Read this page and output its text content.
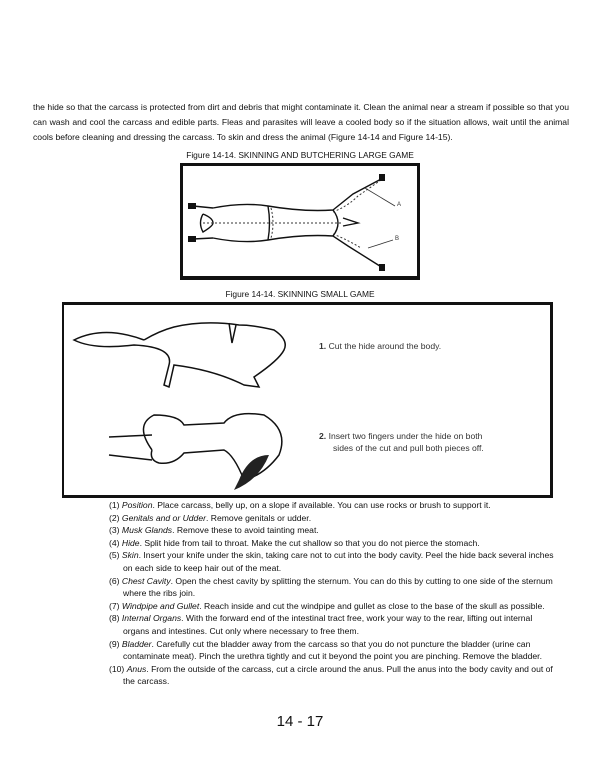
the hide so that the carcass is protected from dirt and debris that might contaminate it. Clean the animal near a stream if possible so that you can wash and cool the carcass and edible parts. Fleas and parasites will leave a cooled body so if the situation allows, wait until the animal cools before cleaning and dressing the carcass. To skin and dress the animal (Figure 14-14 and Figure 14-15).
Figure 14-14. SKINNING AND BUTCHERING LARGE GAME
A
B
Figure 14-14. SKINNING SMALL GAME
1. Cut the hide around the body.
2. Insert two fingers under the hide on both sides of the cut and pull both pieces off.
(1) Position. Place carcass, belly up, on a slope if available. You can use rocks or brush to support it.
(2) Genitals and or Udder. Remove genitals or udder.
(3) Musk Glands. Remove these to avoid tainting meat.
(4) Hide. Split hide from tail to throat. Make the cut shallow so that you do not pierce the stomach.
(5) Skin. Insert your knife under the skin, taking care not to cut into the body cavity. Peel the hide back several inches on each side to keep hair out of the meat.
(6) Chest Cavity. Open the chest cavity by splitting the sternum. You can do this by cutting to one side of the sternum where the ribs join.
(7) Windpipe and Gullet. Reach inside and cut the windpipe and gullet as close to the base of the skull as possible.
(8) Internal Organs. With the forward end of the intestinal tract free, work your way to the rear, lifting out internal organs and intestines. Cut only where necessary to free them.
(9) Bladder. Carefully cut the bladder away from the carcass so that you do not puncture the bladder (urine can contaminate meat). Pinch the urethra tightly and cut it beyond the point you are pinching. Remove the bladder.
(10) Anus. From the outside of the carcass, cut a circle around the anus. Pull the anus into the body cavity and out of the carcass.
14 - 17
